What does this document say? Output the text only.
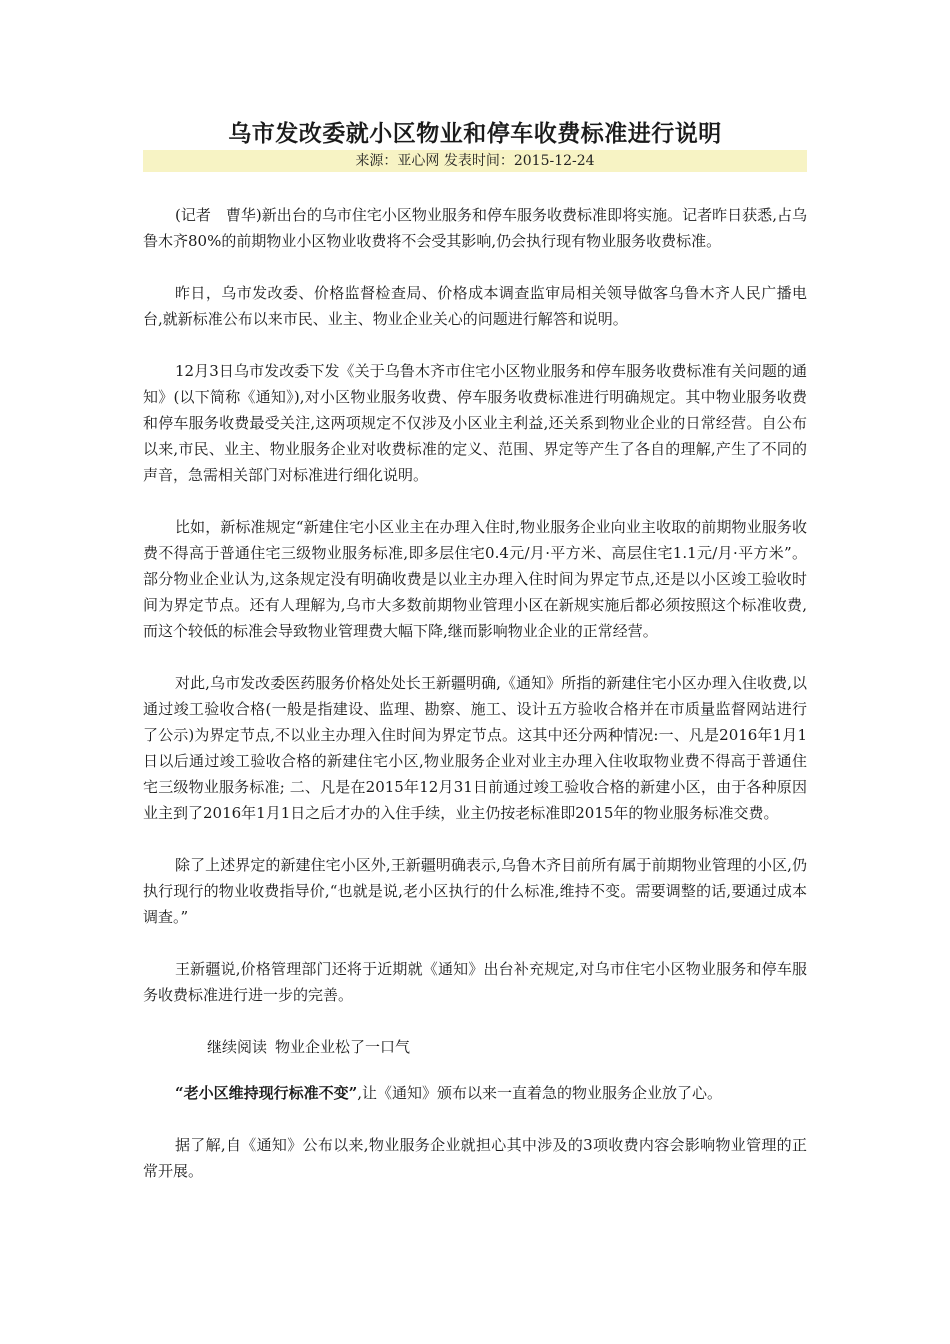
乌市发改委就小区物业和停车收费标准进行说明
来源：亚心网 发表时间：2015-12-24

(记者　曹华)新出台的乌市住宅小区物业服务和停车服务收费标准即将实施。记者昨日获悉,占乌鲁木齐80%的前期物业小区物业收费将不会受其影响,仍会执行现有物业服务收费标准。

昨日，乌市发改委、价格监督检查局、价格成本调查监审局相关领导做客乌鲁木齐人民广播电台,就新标准公布以来市民、业主、物业企业关心的问题进行解答和说明。

12月3日乌市发改委下发《关于乌鲁木齐市住宅小区物业服务和停车服务收费标准有关问题的通知》(以下简称《通知》),对小区物业服务收费、停车服务收费标准进行明确规定。其中物业服务收费和停车服务收费最受关注,这两项规定不仅涉及小区业主利益,还关系到物业企业的日常经营。自公布以来,市民、业主、物业服务企业对收费标准的定义、范围、界定等产生了各自的理解,产生了不同的声音，急需相关部门对标准进行细化说明。

比如，新标准规定“新建住宅小区业主在办理入住时,物业服务企业向业主收取的前期物业服务收费不得高于普通住宅三级物业服务标准,即多层住宅0.4元/月·平方米、高层住宅1.1元/月·平方米”。部分物业企业认为,这条规定没有明确收费是以业主办理入住时间为界定节点,还是以小区竣工验收时间为界定节点。还有人理解为,乌市大多数前期物业管理小区在新规实施后都必须按照这个标准收费,而这个较低的标准会导致物业管理费大幅下降,继而影响物业企业的正常经营。

对此,乌市发改委医药服务价格处处长王新疆明确,《通知》所指的新建住宅小区办理入住收费,以通过竣工验收合格(一般是指建设、监理、勘察、施工、设计五方验收合格并在市质量监督网站进行了公示)为界定节点,不以业主办理入住时间为界定节点。这其中还分两种情况:一、凡是2016年1月1日以后通过竣工验收合格的新建住宅小区,物业服务企业对业主办理入住收取物业费不得高于普通住宅三级物业服务标准; 二、凡是在2015年12月31日前通过竣工验收合格的新建小区，由于各种原因业主到了2016年1月1日之后才办的入住手续，业主仍按老标准即2015年的物业服务标准交费。

除了上述界定的新建住宅小区外,王新疆明确表示,乌鲁木齐目前所有属于前期物业管理的小区,仍执行现行的物业收费指导价,“也就是说,老小区执行的什么标准,维持不变。需要调整的话,要通过成本调查。”

王新疆说,价格管理部门还将于近期就《通知》出台补充规定,对乌市住宅小区物业服务和停车服务收费标准进行进一步的完善。

继续阅读 物业企业松了一口气

“老小区维持现行标准不变”,让《通知》颁布以来一直着急的物业服务企业放了心。

据了解,自《通知》公布以来,物业服务企业就担心其中涉及的3项收费内容会影响物业管理的正常开展。
